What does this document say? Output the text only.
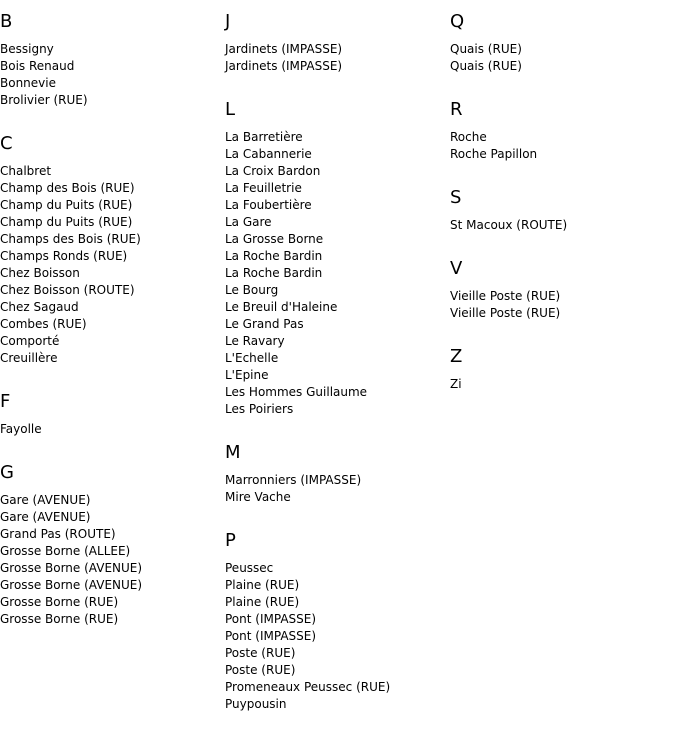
B
Bessigny
Bois Renaud
Bonnevie
Brolivier (RUE)
C
Chalbret
Champ des Bois (RUE)
Champ du Puits (RUE)
Champ du Puits (RUE)
Champs des Bois (RUE)
Champs Ronds (RUE)
Chez Boisson
Chez Boisson (ROUTE)
Chez Sagaud
Combes (RUE)
Comporté
Creuillère
F
Fayolle
G
Gare (AVENUE)
Gare (AVENUE)
Grand Pas (ROUTE)
Grosse Borne (ALLEE)
Grosse Borne (AVENUE)
Grosse Borne (AVENUE)
Grosse Borne (RUE)
Grosse Borne (RUE)
J
Jardinets (IMPASSE)
Jardinets (IMPASSE)
L
La Barretière
La Cabannerie
La Croix Bardon
La Feuilletrie
La Foubertière
La Gare
La Grosse Borne
La Roche Bardin
La Roche Bardin
Le Bourg
Le Breuil d'Haleine
Le Grand Pas
Le Ravary
L'Echelle
L'Epine
Les Hommes Guillaume
Les Poiriers
M
Marronniers (IMPASSE)
Mire Vache
P
Peussec
Plaine (RUE)
Plaine (RUE)
Pont (IMPASSE)
Pont (IMPASSE)
Poste (RUE)
Poste (RUE)
Promeneaux Peussec (RUE)
Puypousin
Q
Quais (RUE)
Quais (RUE)
R
Roche
Roche Papillon
S
St Macoux (ROUTE)
V
Vieille Poste (RUE)
Vieille Poste (RUE)
Z
Zi
